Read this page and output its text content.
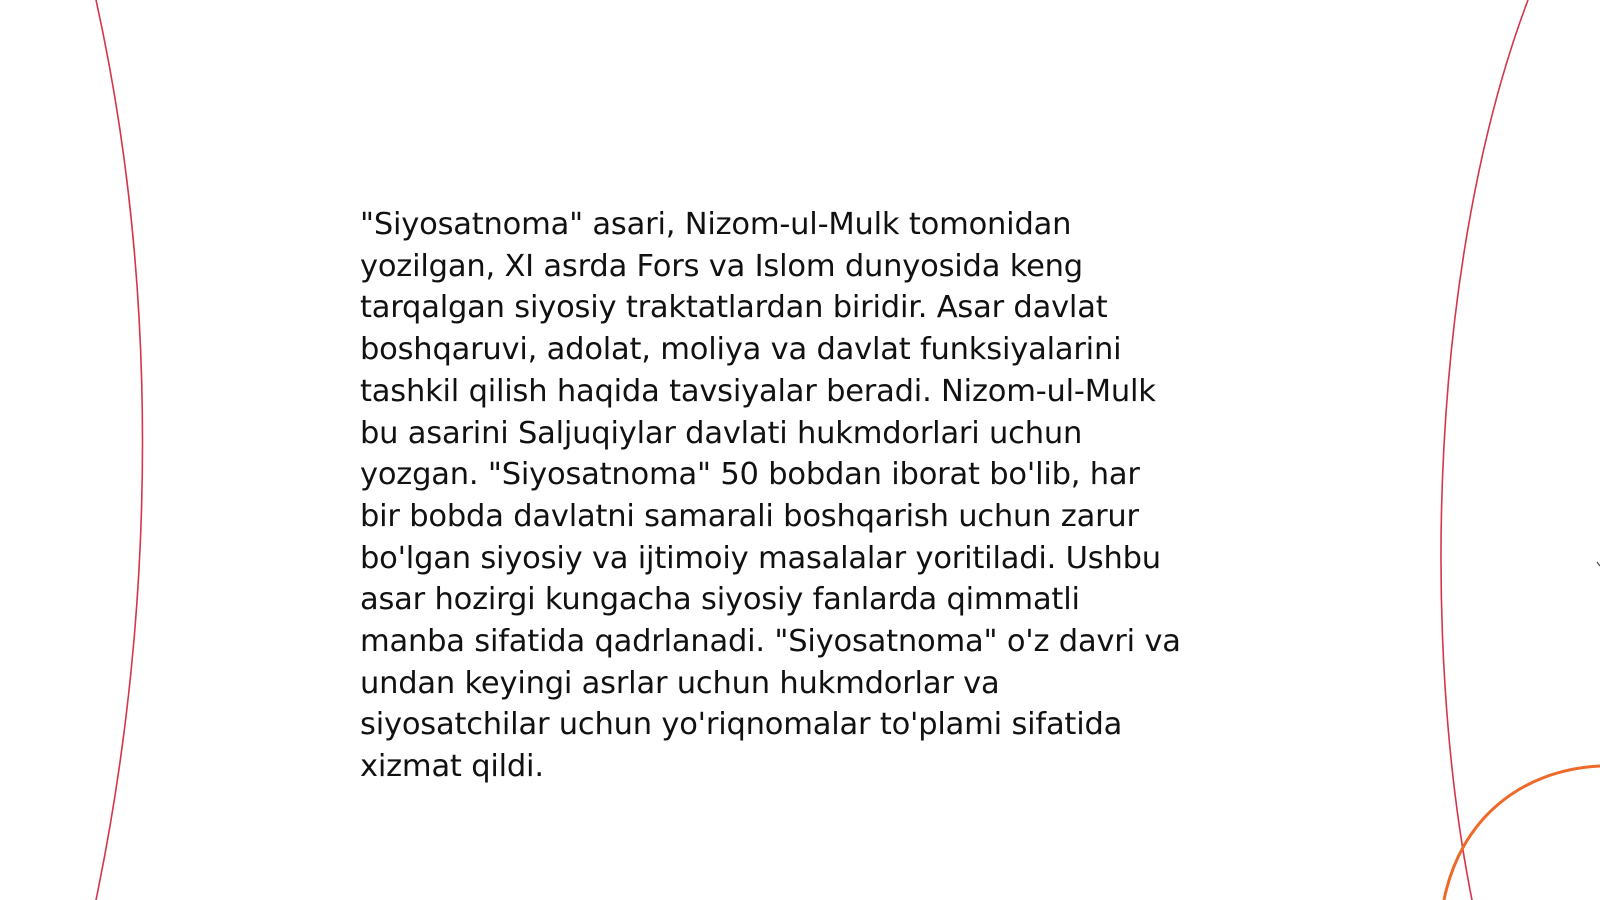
"Siyosatnoma" asari, Nizom-ul-Mulk tomonidan
yozilgan, XI asrda Fors va Islom dunyosida keng
tarqalgan siyosiy traktatlardan biridir. Asar davlat
boshqaruvi, adolat, moliya va davlat funksiyalarini
tashkil qilish haqida tavsiyalar beradi. Nizom-ul-Mulk
bu asarini Saljuqiylar davlati hukmdorlari uchun
yozgan. "Siyosatnoma" 50 bobdan iborat bo'lib, har
bir bobda davlatni samarali boshqarish uchun zarur
bo'lgan siyosiy va ijtimoiy masalalar yoritiladi. Ushbu
asar hozirgi kungacha siyosiy fanlarda qimmatli
manba sifatida qadrlanadi. "Siyosatnoma" o'z davri va
undan keyingi asrlar uchun hukmdorlar va
siyosatchilar uchun yo'riqnomalar to'plami sifatida
xizmat qildi.
